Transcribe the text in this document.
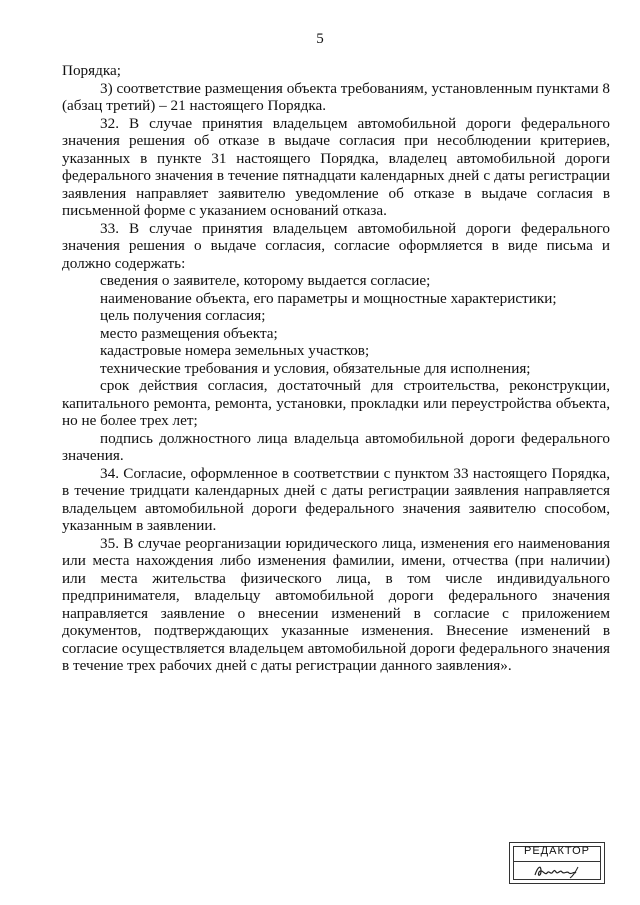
5

Порядка;

3) соответствие размещения объекта требованиям, установленным пунктами 8 (абзац третий) – 21 настоящего Порядка.

32. В случае принятия владельцем автомобильной дороги федерального значения решения об отказе в выдаче согласия при несоблюдении критериев, указанных в пункте 31 настоящего Порядка, владелец автомобильной дороги федерального значения в течение пятнадцати календарных дней с даты регистрации заявления направляет заявителю уведомление об отказе в выдаче согласия в письменной форме с указанием оснований отказа.

33. В случае принятия владельцем автомобильной дороги федерального значения решения о выдаче согласия, согласие оформляется в виде письма и должно содержать:

сведения о заявителе, которому выдается согласие;

наименование объекта, его параметры и мощностные характеристики;

цель получения согласия;

место размещения объекта;

кадастровые номера земельных участков;

технические требования и условия, обязательные для исполнения;

срок действия согласия, достаточный для строительства, реконструкции, капитального ремонта, ремонта, установки, прокладки или переустройства объекта, но не более трех лет;

подпись должностного лица владельца автомобильной дороги федерального значения.

34. Согласие, оформленное в соответствии с пунктом 33 настоящего Порядка, в течение тридцати календарных дней с даты регистрации заявления направляется владельцем автомобильной дороги федерального значения заявителю способом, указанным в заявлении.

35. В случае реорганизации юридического лица, изменения его наименования или места нахождения либо изменения фамилии, имени, отчества (при наличии) или места жительства физического лица, в том числе индивидуального предпринимателя, владельцу автомобильной дороги федерального значения направляется заявление о внесении изменений в согласие с приложением документов, подтверждающих указанные изменения. Внесение изменений в согласие осуществляется владельцем автомобильной дороги федерального значения в течение трех рабочих дней с даты регистрации данного заявления».

РЕДАКТОР
